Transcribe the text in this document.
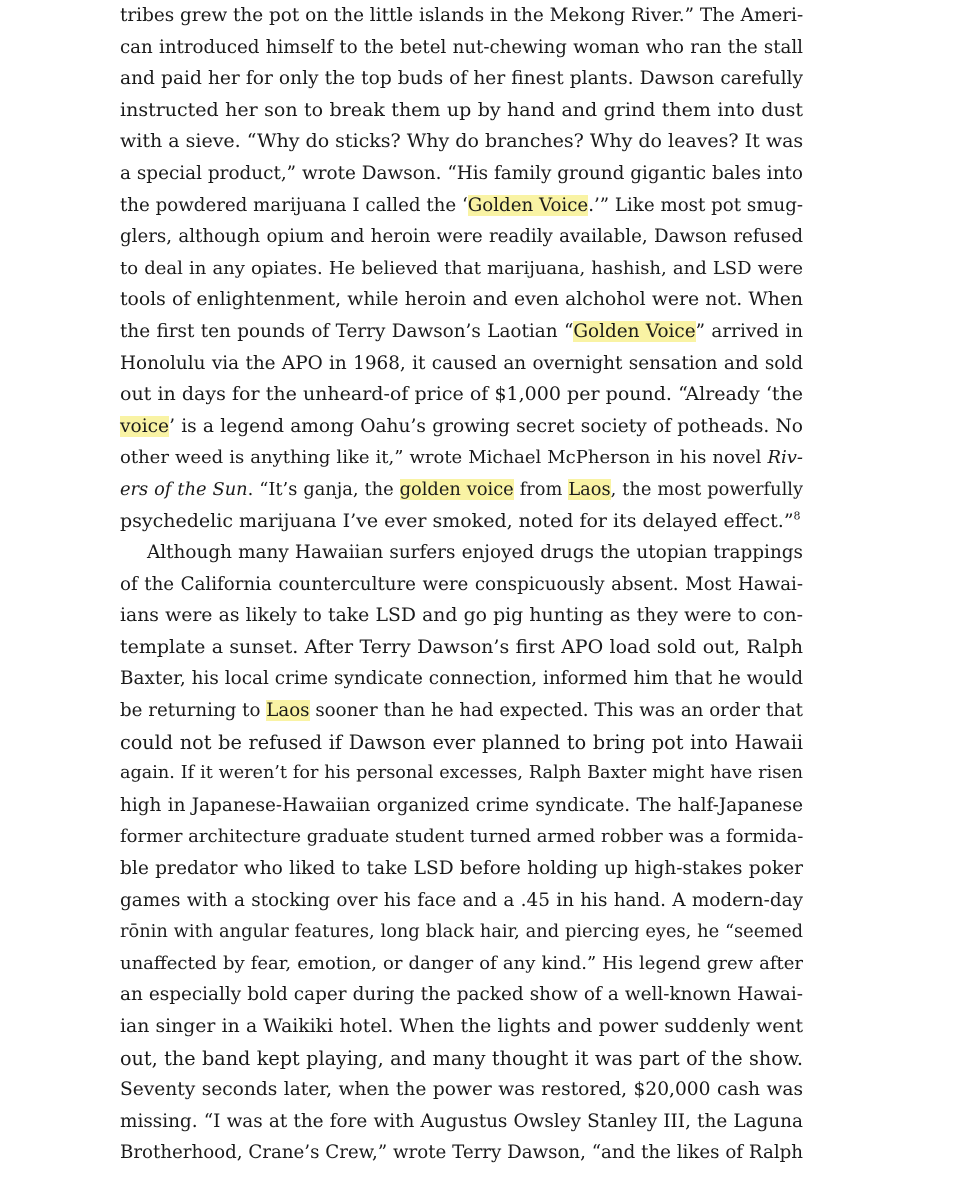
tribes grew the pot on the little islands in the Mekong River.” The Ameri-
can introduced himself to the betel nut-chewing woman who ran the stall
and paid her for only the top buds of her finest plants. Dawson carefully
instructed her son to break them up by hand and grind them into dust
with a sieve. “Why do sticks? Why do branches? Why do leaves? It was
a special product,” wrote Dawson. “His family ground gigantic bales into
the powdered marijuana I called the ‘Golden Voice.’” Like most pot smug-
glers, although opium and heroin were readily available, Dawson refused
to deal in any opiates. He believed that marijuana, hashish, and LSD were
tools of enlightenment, while heroin and even alchohol were not. When
the first ten pounds of Terry Dawson’s Laotian “Golden Voice” arrived in
Honolulu via the APO in 1968, it caused an overnight sensation and sold
out in days for the unheard-of price of $1,000 per pound. “Already ‘the
voice’ is a legend among Oahu’s growing secret society of potheads. No
other weed is anything like it,” wrote Michael McPherson in his novel Riv-
ers of the Sun. “It’s ganja, the golden voice from Laos, the most powerfully
psychedelic marijuana I’ve ever smoked, noted for its delayed effect.”$^8$
Although many Hawaiian surfers enjoyed drugs the utopian trappings
of the California counterculture were conspicuously absent. Most Hawai-
ians were as likely to take LSD and go pig hunting as they were to con-
template a sunset. After Terry Dawson’s first APO load sold out, Ralph
Baxter, his local crime syndicate connection, informed him that he would
be returning to Laos sooner than he had expected. This was an order that
could not be refused if Dawson ever planned to bring pot into Hawaii
again. If it weren’t for his personal excesses, Ralph Baxter might have risen
high in Japanese-Hawaiian organized crime syndicate. The half-Japanese
former architecture graduate student turned armed robber was a formida-
ble predator who liked to take LSD before holding up high-stakes poker
games with a stocking over his face and a .45 in his hand. A modern-day
rōnin with angular features, long black hair, and piercing eyes, he “seemed
unaffected by fear, emotion, or danger of any kind.” His legend grew after
an especially bold caper during the packed show of a well-known Hawai-
ian singer in a Waikiki hotel. When the lights and power suddenly went
out, the band kept playing, and many thought it was part of the show.
Seventy seconds later, when the power was restored, $20,000 cash was
missing. “I was at the fore with Augustus Owsley Stanley III, the Laguna
Brotherhood, Crane’s Crew,” wrote Terry Dawson, “and the likes of Ralph
